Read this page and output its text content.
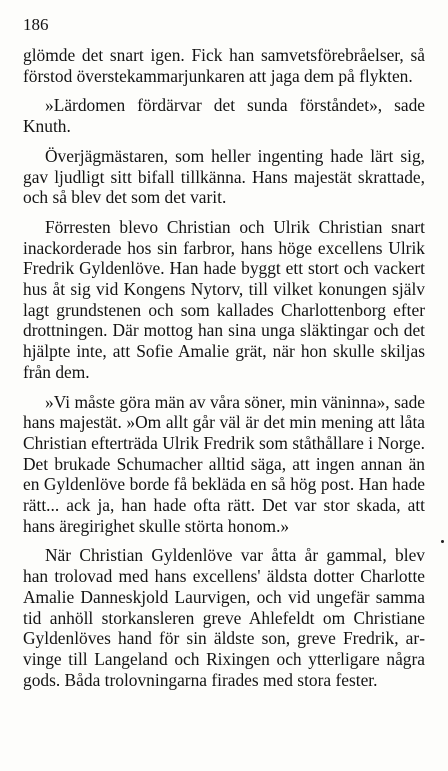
186

glömde det snart igen. Fick han samvetsförebråelser, så förstod överstekammarjunkaren att jaga dem på flykten.

»Lärdomen fördärvar det sunda förståndet», sade Knuth.

Överjägmästaren, som heller ingenting hade lärt sig, gav ljudligt sitt bifall tillkänna. Hans majestät skrattade, och så blev det som det varit.

Förresten blevo Christian och Ulrik Christian snart inackorderade hos sin farbror, hans höge excellens Ulrik Fredrik Gyldenlöve. Han hade byggt ett stort och vackert hus åt sig vid Kongens Nytorv, till vilket konungen själv lagt grundstenen och som kallades Charlottenborg efter drottningen. Där mottog han sina unga släktingar och det hjälpte inte, att Sofie Amalie grät, när hon skulle skiljas från dem.

»Vi måste göra män av våra söner, min väninna», sade hans majestät. »Om allt går väl är det min mening att låta Christian efterträda Ulrik Fredrik som ståthållare i Norge. Det brukade Schumacher alltid säga, att ingen annan än en Gyldenlöve borde få bekläda en så hög post. Han hade rätt... ack ja, han hade ofta rätt. Det var stor skada, att hans äregirighet skulle störta honom.»

När Christian Gyldenlöve var åtta år gammal, blev han trolovad med hans excellens' äldsta dotter Charlotte Amalie Danneskjold Laurvigen, och vid ungefär samma tid anhöll storkansleren greve Ahlefeldt om Christiane Gyldenlöves hand för sin äldste son, greve Fredrik, arvinge till Langeland och Rixingen och ytterligare några gods. Båda trolovningarna firades med stora fester.
